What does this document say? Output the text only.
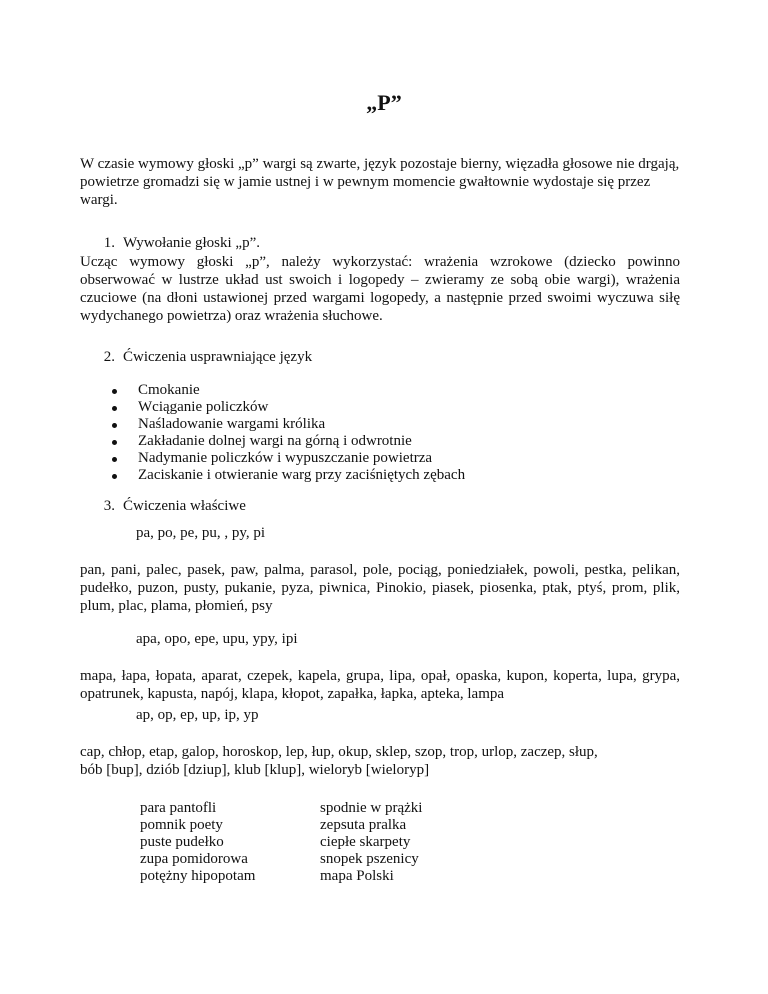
„P”
W czasie wymowy głoski „p” wargi są zwarte, język pozostaje bierny, więzadła głosowe nie drgają, powietrze gromadzi się w jamie ustnej i w pewnym momencie gwałtownie wydostaje się przez wargi.
1. Wywołanie głoski „p”.
Ucząc wymowy głoski „p”, należy wykorzystać: wrażenia wzrokowe (dziecko powinno obserwować w lustrze układ ust swoich i logopedy – zwieramy ze sobą obie wargi), wrażenia czuciowe (na dłoni ustawionej przed wargami logopedy, a następnie przed swoimi wyczuwa siłę wydychanego powietrza) oraz wrażenia słuchowe.
2. Ćwiczenia usprawniające język
Cmokanie
Wciąganie policzków
Naśladowanie wargami królika
Zakładanie dolnej wargi na górną i odwrotnie
Nadymanie policzków i wypuszczanie powietrza
Zaciskanie i otwieranie warg przy zaciśniętych zębach
3. Ćwiczenia właściwe
pa, po, pe, pu, , py, pi
pan, pani, palec, pasek, paw, palma, parasol, pole, pociąg, poniedziałek, powoli, pestka, pelikan, pudełko, puzon, pusty, pukanie, pyza, piwnica, Pinokio, piasek, piosenka, ptak, ptyś, prom, plik, plum, plac, plama, płomień, psy
apa, opo, epe, upu, ypy, ipi
mapa, łapa, łopata, aparat, czepek, kapela, grupa, lipa, opał, opaska, kupon, koperta, lupa, grypa, opatrunek, kapusta, napój, klapa, kłopot, zapałka, łapka, apteka, lampa
ap, op, ep, up, ip, yp
cap, chłop, etap, galop, horoskop, lep, łup, okup, sklep, szop, trop, urlop, zaczep, słup,
bób [bup], dziób [dziup], klub [klup], wieloryb [wieloryp]
para pantofli
pomnik poety
puste pudełko
zupa pomidorowa
potężny hipopotam
spodnie w prążki
zepsuta pralka
ciepłe skarpety
snopek pszenicy
mapa Polski
